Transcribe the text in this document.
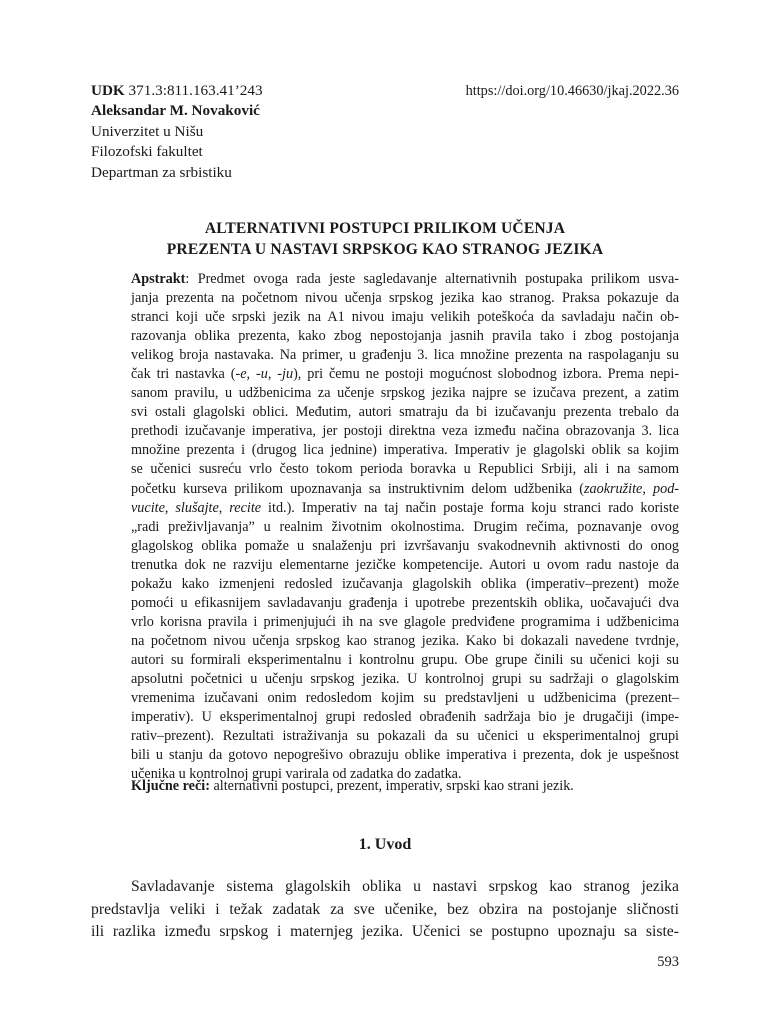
UDK 371.3:811.163.41’243	https://doi.org/10.46630/jkaj.2022.36
Aleksandar M. Novaković
Univerzitet u Nišu
Filozofski fakultet
Departman za srbistiku
ALTERNATIVNI POSTUPCI PRILIKOM UČENJA
PREZENTA U NASTAVI SRPSKOG KAO STRANOG JEZIKA
Apstrakt: Predmet ovoga rada jeste sagledavanje alternativnih postupaka prilikom usva-
janja prezenta na početnom nivou učenja srpskog jezika kao stranog. Praksa pokazuje da
stranci koji uče srpski jezik na A1 nivou imaju velikih poteškoća da savladaju način ob-
razovanja oblika prezenta, kako zbog nepostojanja jasnih pravila tako i zbog postojanja
velikog broja nastavaka. Na primer, u građenju 3. lica množine prezenta na raspolaganju su
čak tri nastavka (-e, -u, -ju), pri čemu ne postoji mogućnost slobodnog izbora. Prema nepi-
sanom pravilu, u udžbenicima za učenje srpskog jezika najpre se izučava prezent, a zatim
svi ostali glagolski oblici. Međutim, autori smatraju da bi izučavanju prezenta trebalo da
prethodi izučavanje imperativa, jer postoji direktna veza između načina obrazovanja 3. lica
množine prezenta i (drugog lica jednine) imperativa. Imperativ je glagolski oblik sa kojim
se učenici susreću vrlo često tokom perioda boravka u Republici Srbiji, ali i na samom
početku kurseva prilikom upoznavanja sa instruktivnim delom udžbenika (zaokružite, pod-
vucite, slušajte, recite itd.). Imperativ na taj način postaje forma koju stranci rado koriste
„radi preživljavanja” u realnim životnim okolnostima. Drugim rečima, poznavanje ovog
glagolskog oblika pomaže u snalaženju pri izvršavanju svakodnevnih aktivnosti do onog
trenutka dok ne razviju elementarne jezičke kompetencije. Autori u ovom radu nastoje da
pokažu kako izmenjeni redosled izučavanja glagolskih oblika (imperativ–prezent) može
pomoći u efikasnijem savladavanju građenja i upotrebe prezentskih oblika, uočavajući dva
vrlo korisna pravila i primenjujući ih na sve glagole predviđene programima i udžbenicima
na početnom nivou učenja srpskog kao stranog jezika. Kako bi dokazali navedene tvrdnje,
autori su formirali eksperimentalnu i kontrolnu grupu. Obe grupe činili su učenici koji su
apsolutni početnici u učenju srpskog jezika. U kontrolnoj grupi su sadržaji o glagolskim
vremenima izučavani onim redosledom kojim su predstavljeni u udžbenicima (prezent–
imperativ). U eksperimentalnoj grupi redosled obrađenih sadržaja bio je drugačiji (impe-
rativ–prezent). Rezultati istraživanja su pokazali da su učenici u eksperimentalnoj grupi
bili u stanju da gotovo nepogrešivo obrazuju oblike imperativa i prezenta, dok je uspešnost
učenika u kontrolnoj grupi varirala od zadatka do zadatka.
Ključne reči: alternativni postupci, prezent, imperativ, srpski kao strani jezik.
1. Uvod
Savladavanje sistema glagolskih oblika u nastavi srpskog kao stranog jezika
predstavlja veliki i težak zadatak za sve učenike, bez obzira na postojanje sličnosti
ili razlika između srpskog i maternjeg jezika. Učenici se postupno upoznaju sa siste-
593
